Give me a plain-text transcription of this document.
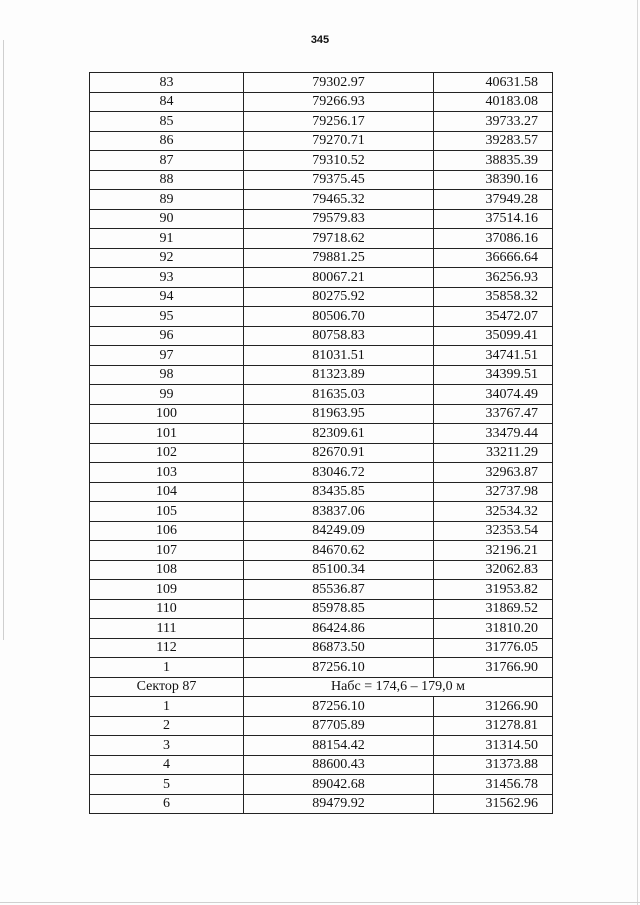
345
83	79302.97	40631.58
84	79266.93	40183.08
85	79256.17	39733.27
86	79270.71	39283.57
87	79310.52	38835.39
88	79375.45	38390.16
89	79465.32	37949.28
90	79579.83	37514.16
91	79718.62	37086.16
92	79881.25	36666.64
93	80067.21	36256.93
94	80275.92	35858.32
95	80506.70	35472.07
96	80758.83	35099.41
97	81031.51	34741.51
98	81323.89	34399.51
99	81635.03	34074.49
100	81963.95	33767.47
101	82309.61	33479.44
102	82670.91	33211.29
103	83046.72	32963.87
104	83435.85	32737.98
105	83837.06	32534.32
106	84249.09	32353.54
107	84670.62	32196.21
108	85100.34	32062.83
109	85536.87	31953.82
110	85978.85	31869.52
111	86424.86	31810.20
112	86873.50	31776.05
1	87256.10	31766.90
Сектор 87	Набс = 174,6 – 179,0 м	
1	87256.10	31266.90
2	87705.89	31278.81
3	88154.42	31314.50
4	88600.43	31373.88
5	89042.68	31456.78
6	89479.92	31562.96
